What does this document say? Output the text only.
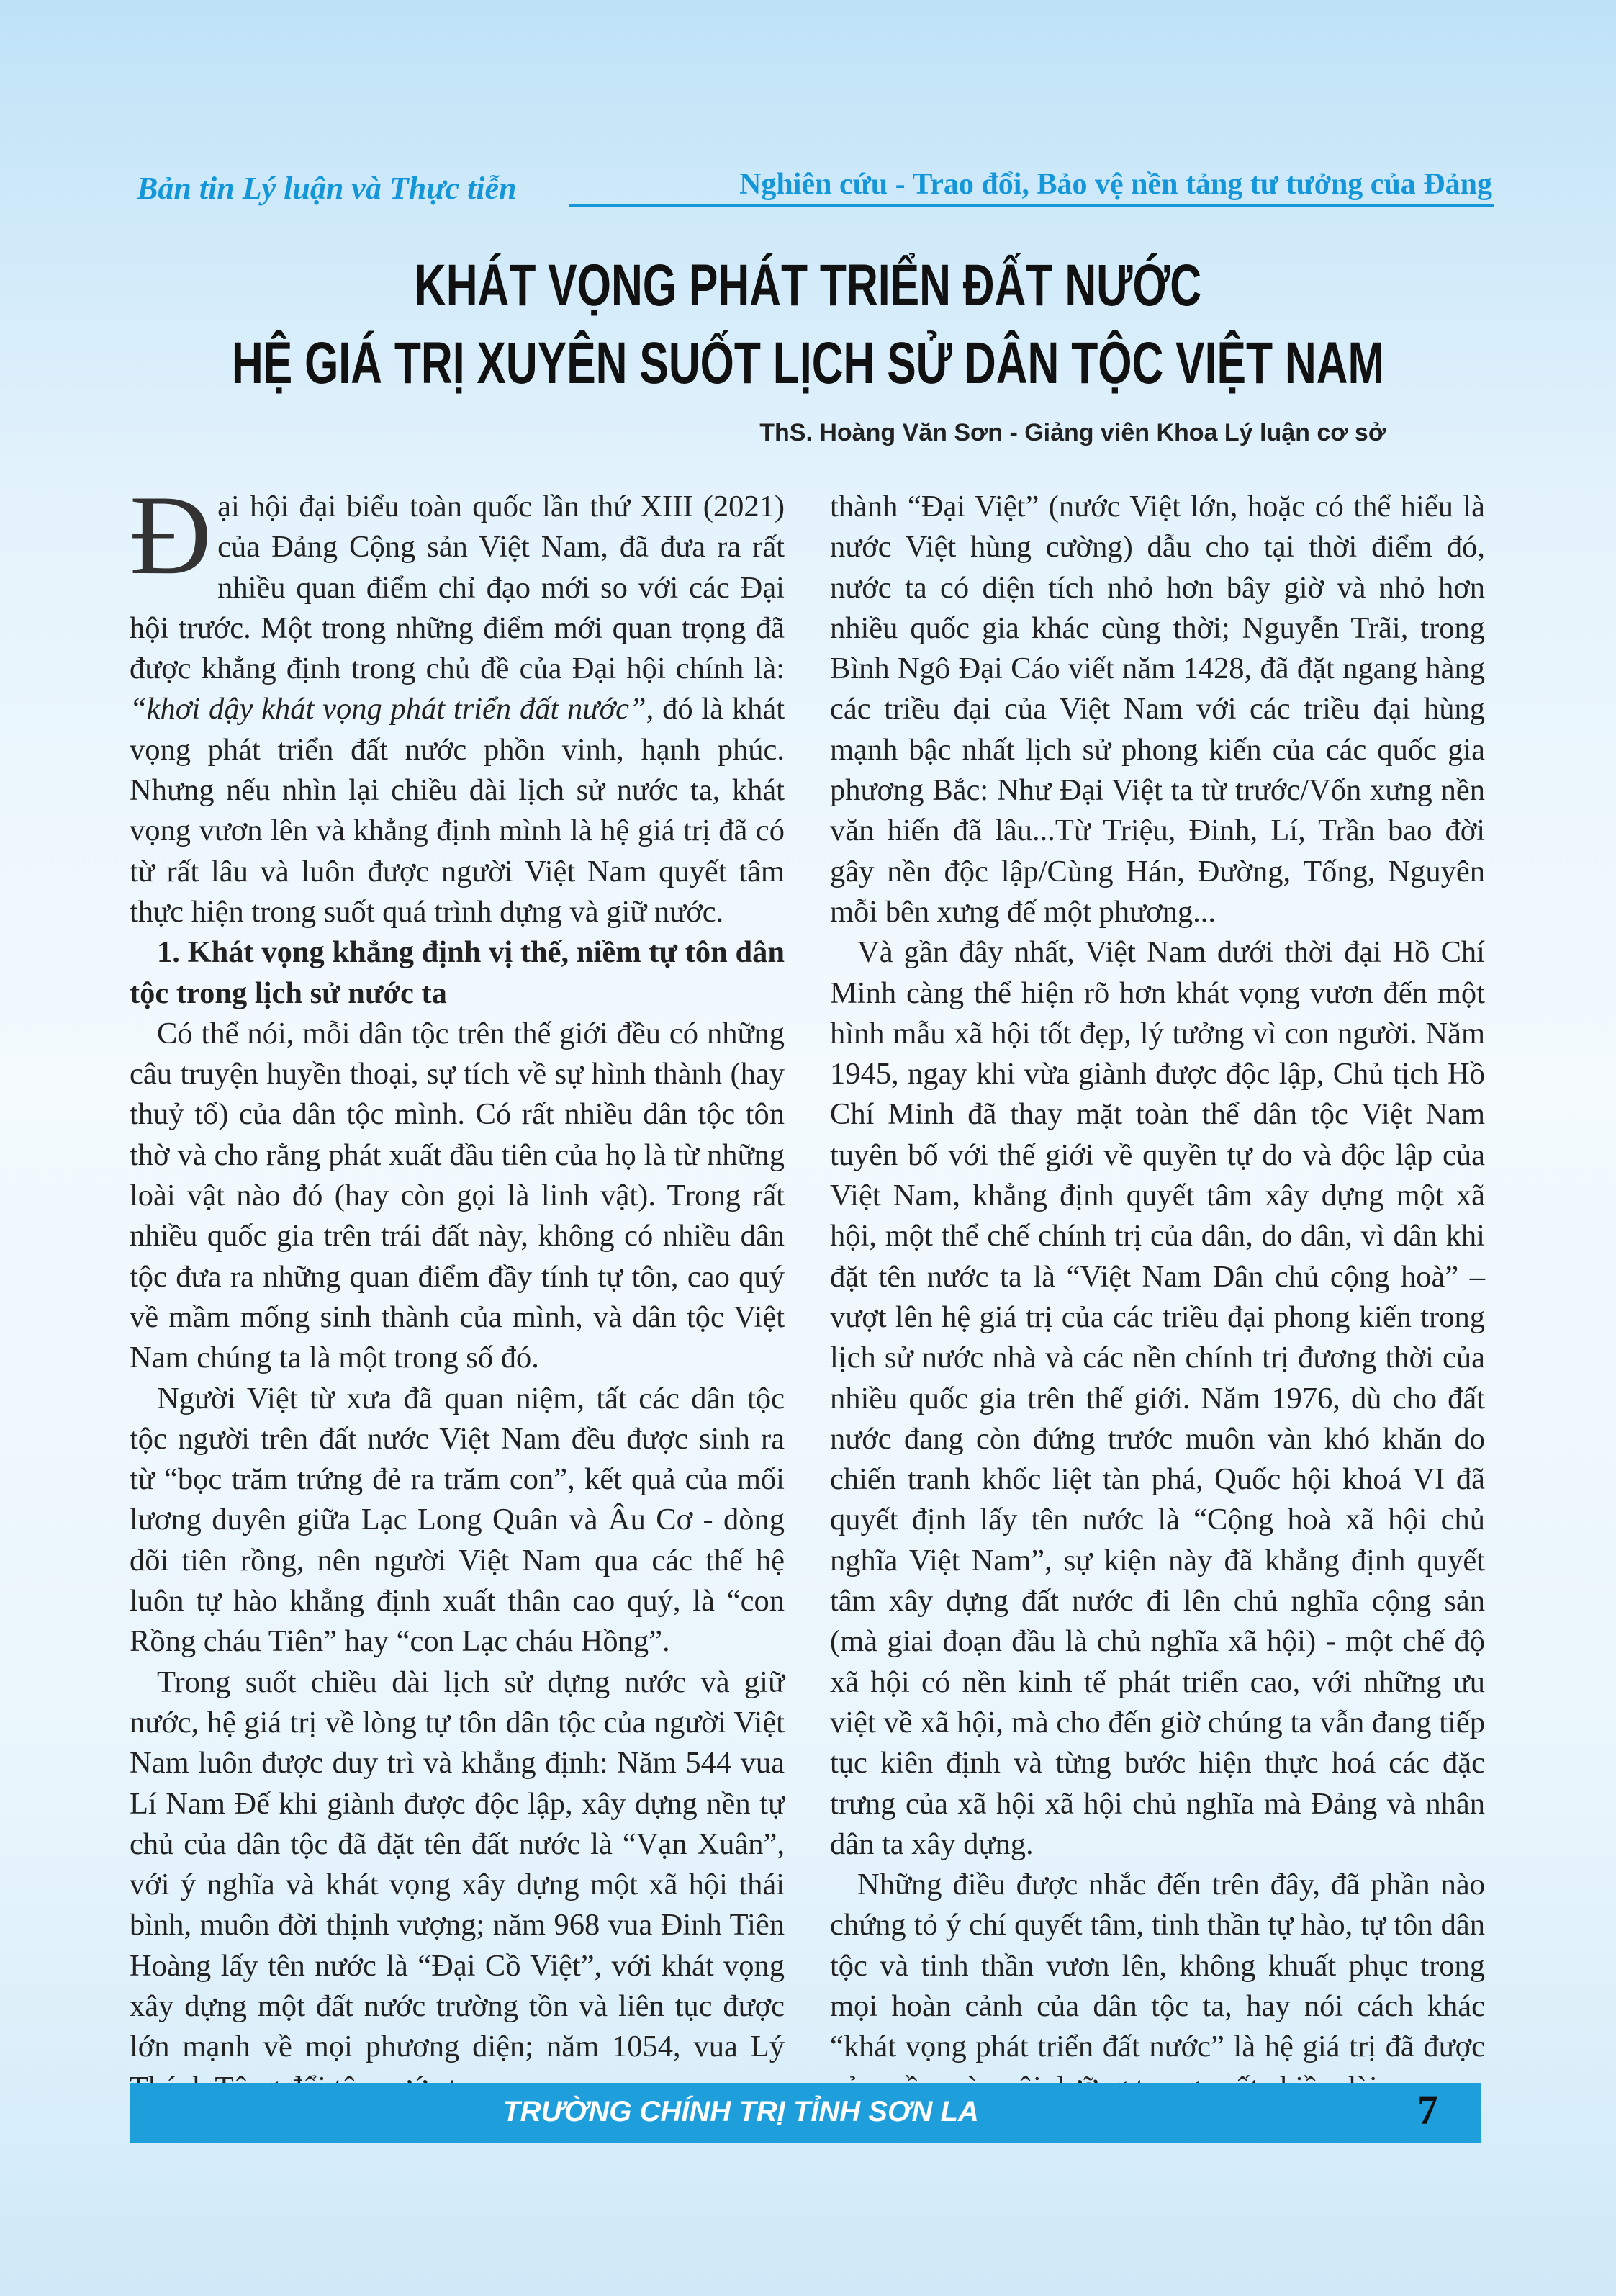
Bản tin Lý luận và Thực tiễn	Nghiên cứu - Trao đổi, Bảo vệ nền tảng tư tưởng của Đảng
KHÁT VỌNG PHÁT TRIỂN ĐẤT NƯỚC
HỆ GIÁ TRỊ XUYÊN SUỐT LỊCH SỬ DÂN TỘC VIỆT NAM
ThS. Hoàng Văn Sơn - Giảng viên Khoa Lý luận cơ sở

Đại hội đại biểu toàn quốc lần thứ XIII (2021) của Đảng Cộng sản Việt Nam, đã đưa ra rất nhiều quan điểm chỉ đạo mới so với các Đại hội trước. Một trong những điểm mới quan trọng đã được khẳng định trong chủ đề của Đại hội chính là: “khơi dậy khát vọng phát triển đất nước”, đó là khát vọng phát triển đất nước phồn vinh, hạnh phúc. Nhưng nếu nhìn lại chiều dài lịch sử nước ta, khát vọng vươn lên và khẳng định mình là hệ giá trị đã có từ rất lâu và luôn được người Việt Nam quyết tâm thực hiện trong suốt quá trình dựng và giữ nước.

1. Khát vọng khẳng định vị thế, niềm tự tôn dân tộc trong lịch sử nước ta

Có thể nói, mỗi dân tộc trên thế giới đều có những câu truyện huyền thoại, sự tích về sự hình thành (hay thuỷ tổ) của dân tộc mình. Có rất nhiều dân tộc tôn thờ và cho rằng phát xuất đầu tiên của họ là từ những loài vật nào đó (hay còn gọi là linh vật). Trong rất nhiều quốc gia trên trái đất này, không có nhiều dân tộc đưa ra những quan điểm đầy tính tự tôn, cao quý về mầm mống sinh thành của mình, và dân tộc Việt Nam chúng ta là một trong số đó.

Người Việt từ xưa đã quan niệm, tất các dân tộc tộc người trên đất nước Việt Nam đều được sinh ra từ “bọc trăm trứng đẻ ra trăm con”, kết quả của mối lương duyên giữa Lạc Long Quân và Âu Cơ - dòng dõi tiên rồng, nên người Việt Nam qua các thế hệ luôn tự hào khẳng định xuất thân cao quý, là “con Rồng cháu Tiên” hay “con Lạc cháu Hồng”.

Trong suốt chiều dài lịch sử dựng nước và giữ nước, hệ giá trị về lòng tự tôn dân tộc của người Việt Nam luôn được duy trì và khẳng định: Năm 544 vua Lí Nam Đế khi giành được độc lập, xây dựng nền tự chủ của dân tộc đã đặt tên đất nước là “Vạn Xuân”, với ý nghĩa và khát vọng xây dựng một xã hội thái bình, muôn đời thịnh vượng; năm 968 vua Đinh Tiên Hoàng lấy tên nước là “Đại Cồ Việt”, với khát vọng xây dựng một đất nước trường tồn và liên tục được lớn mạnh về mọi phương diện; năm 1054, vua Lý

thành “Đại Việt” (nước Việt lớn, hoặc có thể hiểu là nước Việt hùng cường) dẫu cho tại thời điểm đó, nước ta có diện tích nhỏ hơn bây giờ và nhỏ hơn nhiều quốc gia khác cùng thời; Nguyễn Trãi, trong Bình Ngô Đại Cáo viết năm 1428, đã đặt ngang hàng các triều đại của Việt Nam với các triều đại hùng mạnh bậc nhất lịch sử phong kiến của các quốc gia phương Bắc: Như Đại Việt ta từ trước/Vốn xưng nền văn hiến đã lâu...Từ Triệu, Đinh, Lí, Trần bao đời gây nền độc lập/Cùng Hán, Đường, Tống, Nguyên mỗi bên xưng đế một phương...

Và gần đây nhất, Việt Nam dưới thời đại Hồ Chí Minh càng thể hiện rõ hơn khát vọng vươn đến một hình mẫu xã hội tốt đẹp, lý tưởng vì con người. Năm 1945, ngay khi vừa giành được độc lập, Chủ tịch Hồ Chí Minh đã thay mặt toàn thể dân tộc Việt Nam tuyên bố với thế giới về quyền tự do và độc lập của Việt Nam, khẳng định quyết tâm xây dựng một xã hội, một thể chế chính trị của dân, do dân, vì dân khi đặt tên nước ta là “Việt Nam Dân chủ cộng hoà” – vượt lên hệ giá trị của các triều đại phong kiến trong lịch sử nước nhà và các nền chính trị đương thời của nhiều quốc gia trên thế giới. Năm 1976, dù cho đất nước đang còn đứng trước muôn vàn khó khăn do chiến tranh khốc liệt tàn phá, Quốc hội khoá VI đã quyết định lấy tên nước là “Cộng hoà xã hội chủ nghĩa Việt Nam”, sự kiện này đã khẳng định quyết tâm xây dựng đất nước đi lên chủ nghĩa cộng sản (mà giai đoạn đầu là chủ nghĩa xã hội) - một chế độ xã hội có nền kinh tế phát triển cao, với những ưu việt về xã hội, mà cho đến giờ chúng ta vẫn đang tiếp tục kiên định và từng bước hiện thực hoá các đặc trưng của xã hội xã hội chủ nghĩa mà Đảng và nhân dân ta xây dựng.

Những điều được nhắc đến trên đây, đã phần nào chứng tỏ ý chí quyết tâm, tinh thần tự hào, tự tôn dân tộc và tinh thần vươn lên, không khuất phục trong mọi hoàn cảnh của dân tộc ta, hay nói cách khác “khát vọng phát triển đất nước” là hệ giá trị đã được

TRƯỜNG CHÍNH TRỊ TỈNH SƠN LA	7
